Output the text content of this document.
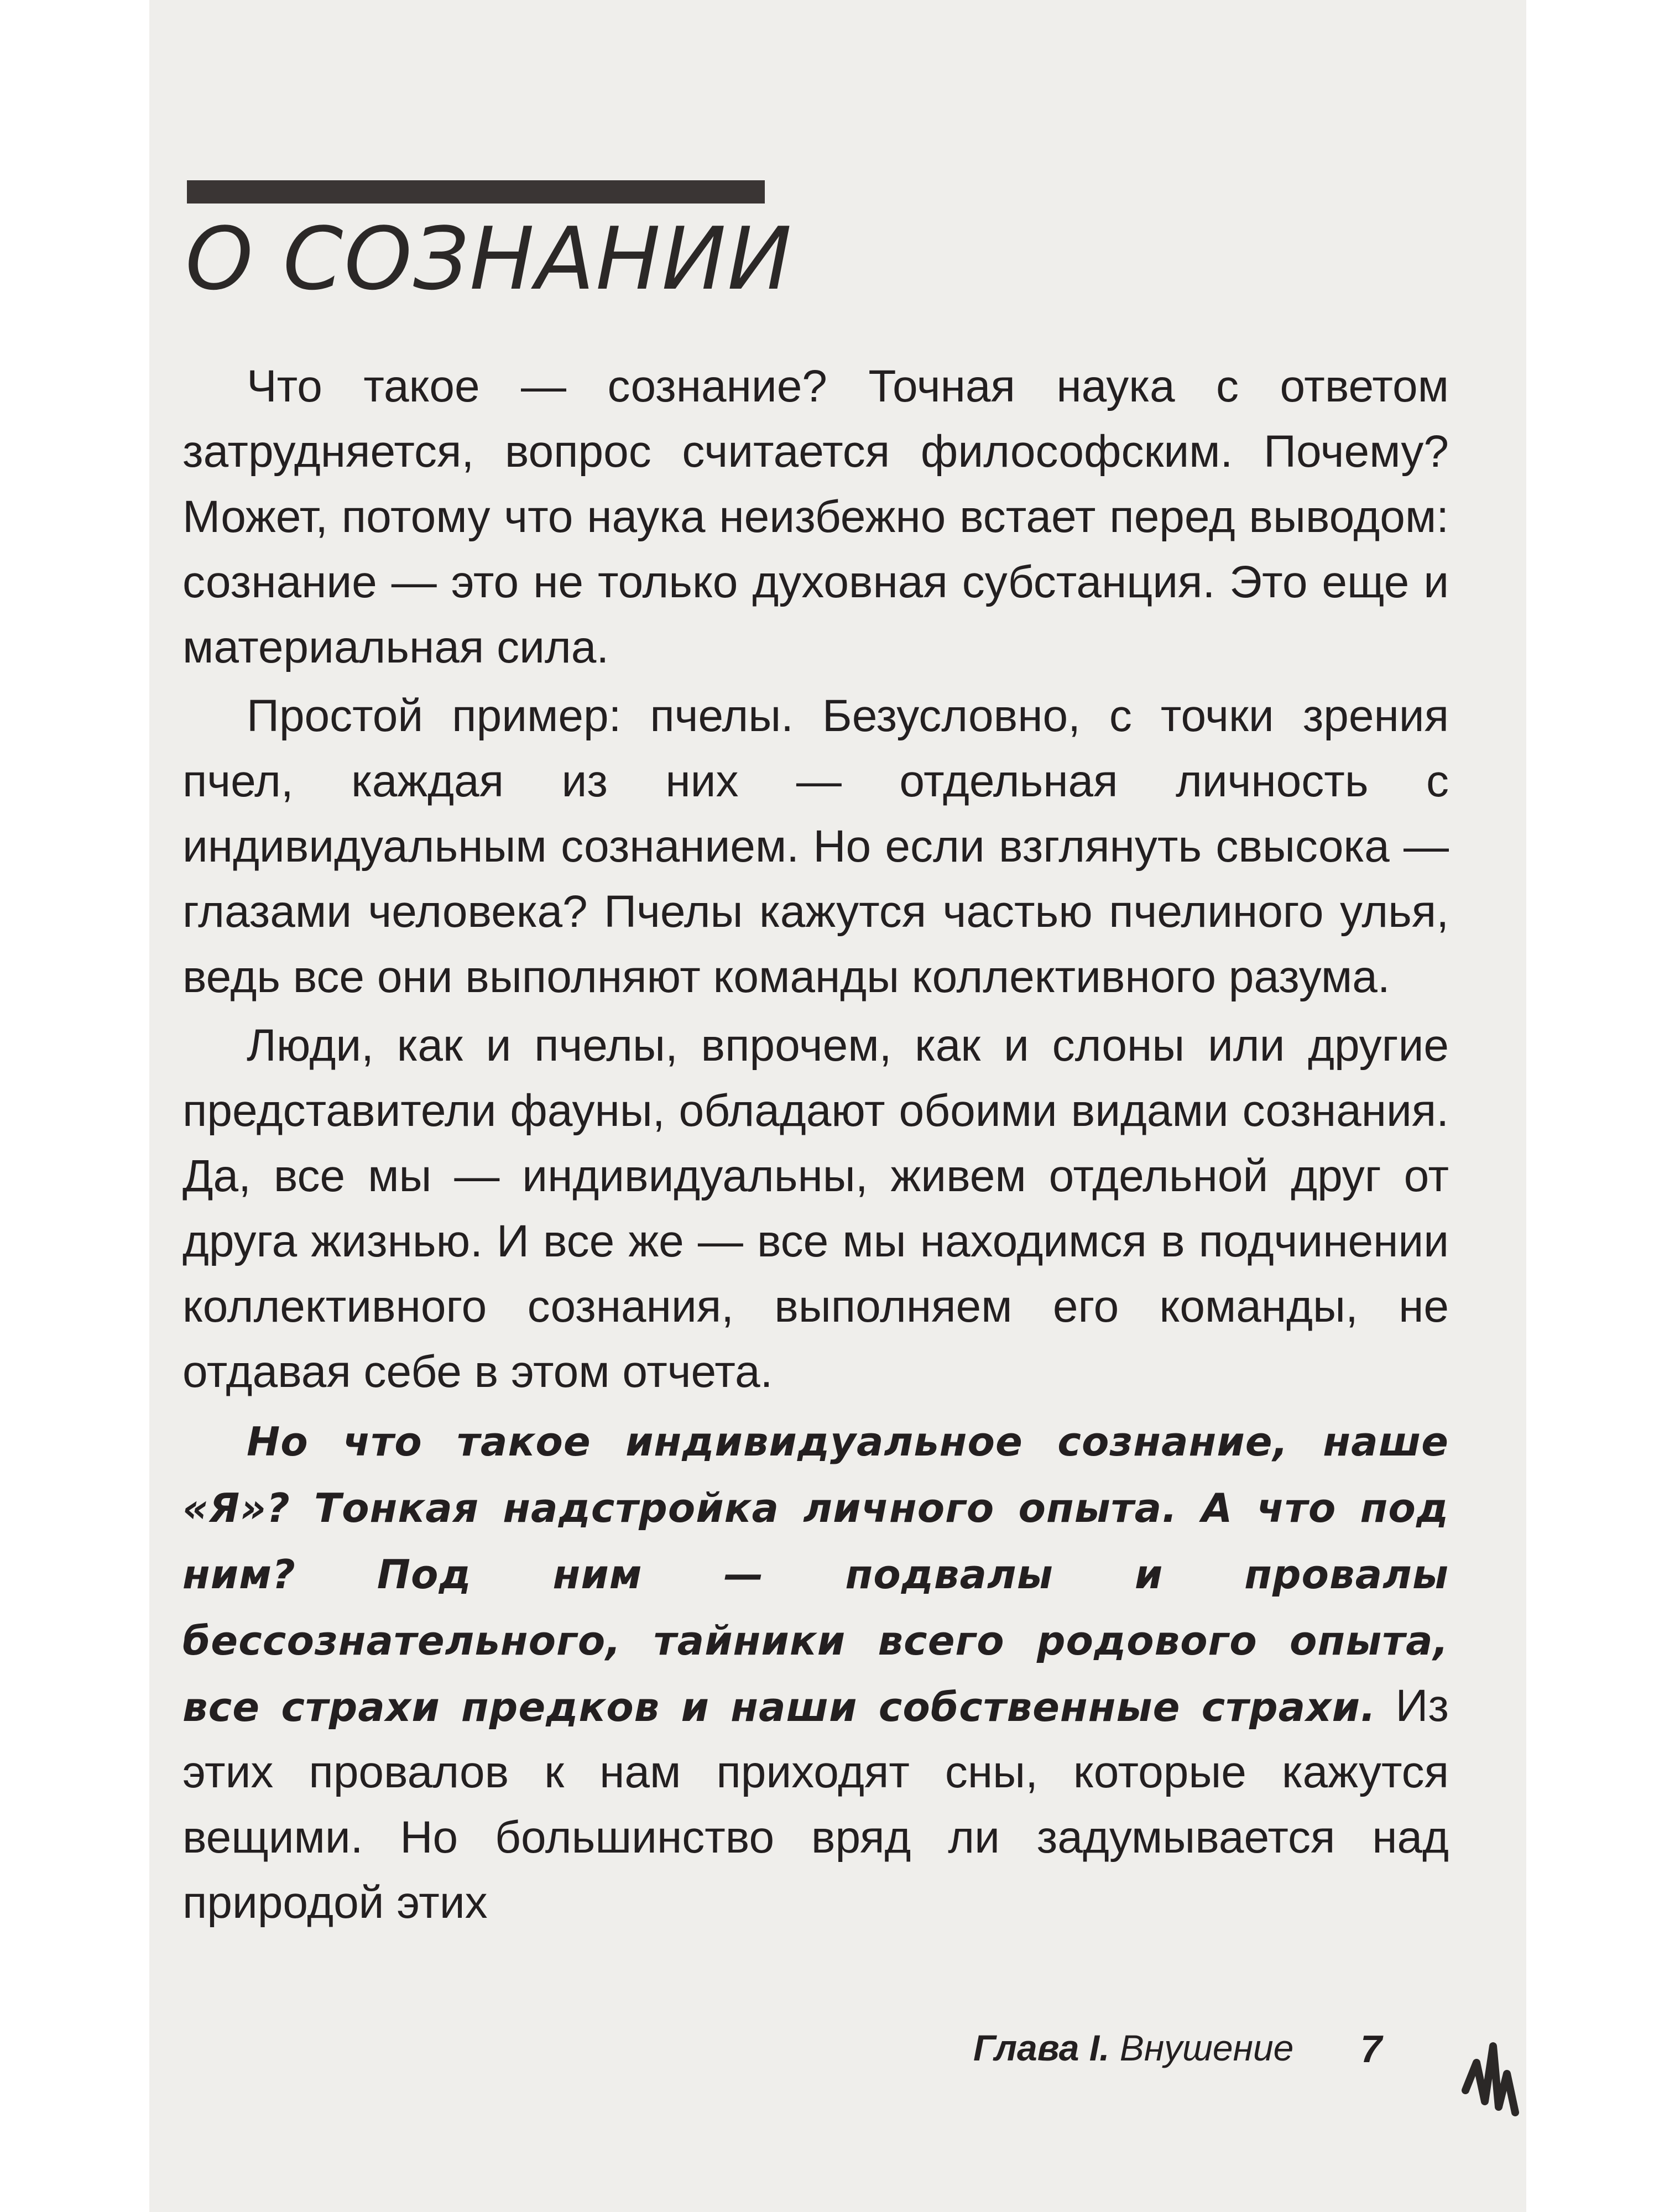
О СОЗНАНИИ

Что такое — сознание? Точная наука с ответом затрудняется, вопрос считается философским. Почему? Может, потому что наука неизбежно встает перед выводом: сознание — это не только духовная субстанция. Это еще и материальная сила.

Простой пример: пчелы. Безусловно, с точки зрения пчел, каждая из них — отдельная личность с индивидуальным сознанием. Но если взглянуть свысока — глазами человека? Пчелы кажутся частью пчелиного улья, ведь все они выполняют команды коллективного разума.

Люди, как и пчелы, впрочем, как и слоны или другие представители фауны, обладают обоими видами сознания. Да, все мы — индивидуальны, живем отдельной друг от друга жизнью. И все же — все мы находимся в подчинении коллективного сознания, выполняем его команды, не отдавая себе в этом отчета.

Но что такое индивидуальное сознание, наше «Я»? Тонкая надстройка личного опыта. А что под ним? Под ним — подвалы и провалы бессознательного, тайники всего родового опыта, все страхи предков и наши собственные страхи. Из этих провалов к нам приходят сны, которые кажутся вещими. Но большинство вряд ли задумывается над природой этих

Глава I. Внушение 7
